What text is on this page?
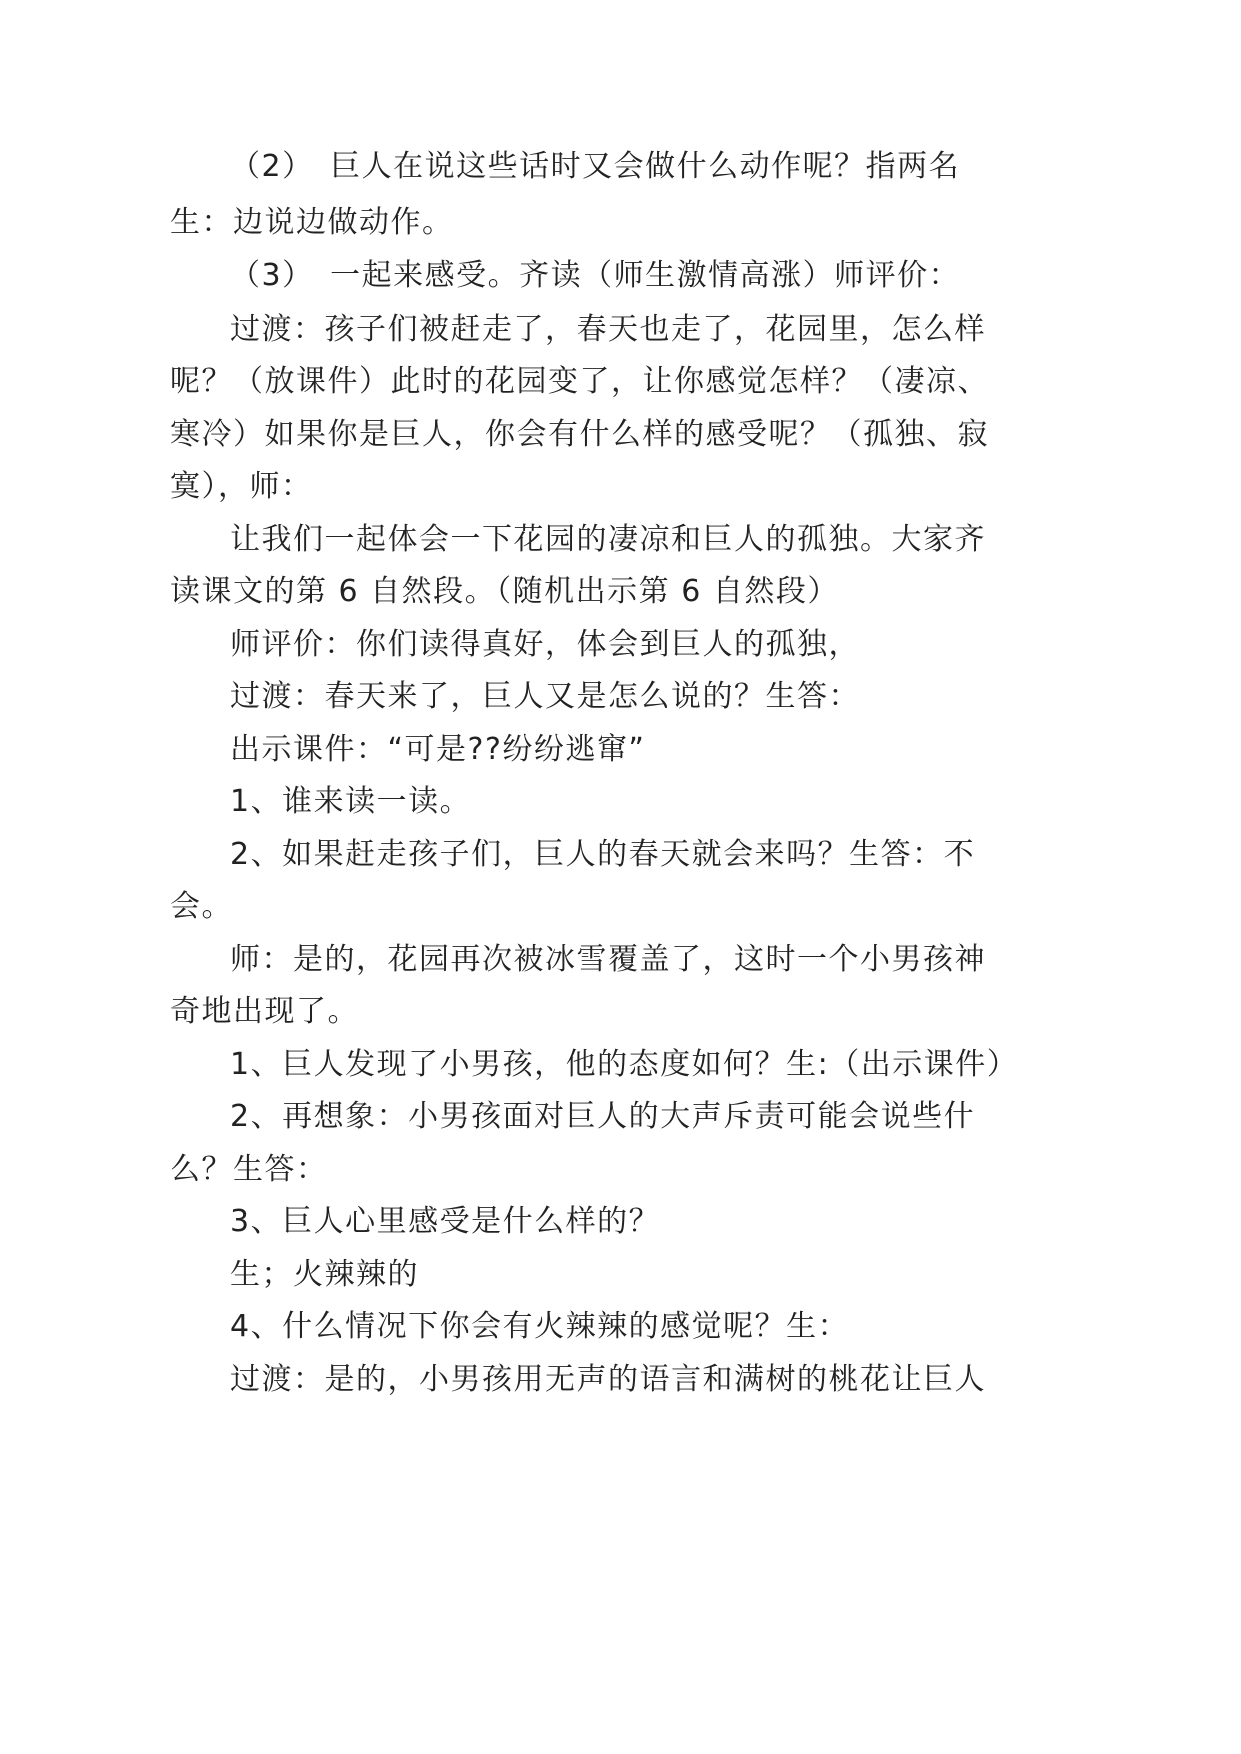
（2）　巨人在说这些话时又会做什么动作呢？指两名

生：边说边做动作。

（3）　一起来感受。齐读（师生激情高涨）师评价：

过渡：孩子们被赶走了，春天也走了，花园里，怎么样

呢？（放课件）此时的花园变了，让你感觉怎样？（凄凉、

寒冷）如果你是巨人，你会有什么样的感受呢？（孤独、寂

寞），师：

让我们一起体会一下花园的凄凉和巨人的孤独。大家齐

读课文的第 6 自然段。（随机出示第 6 自然段）

师评价：你们读得真好，体会到巨人的孤独，

过渡：春天来了，巨人又是怎么说的？生答：

出示课件：“可是??纷纷逃窜”

1、谁来读一读。

2、如果赶走孩子们，巨人的春天就会来吗？生答：不

会。

师：是的，花园再次被冰雪覆盖了，这时一个小男孩神

奇地出现了。

1、巨人发现了小男孩，他的态度如何？生:（出示课件）

2、再想象：小男孩面对巨人的大声斥责可能会说些什

么？生答：

3、巨人心里感受是什么样的？

生；火辣辣的

4、什么情况下你会有火辣辣的感觉呢？生：

过渡：是的，小男孩用无声的语言和满树的桃花让巨人
